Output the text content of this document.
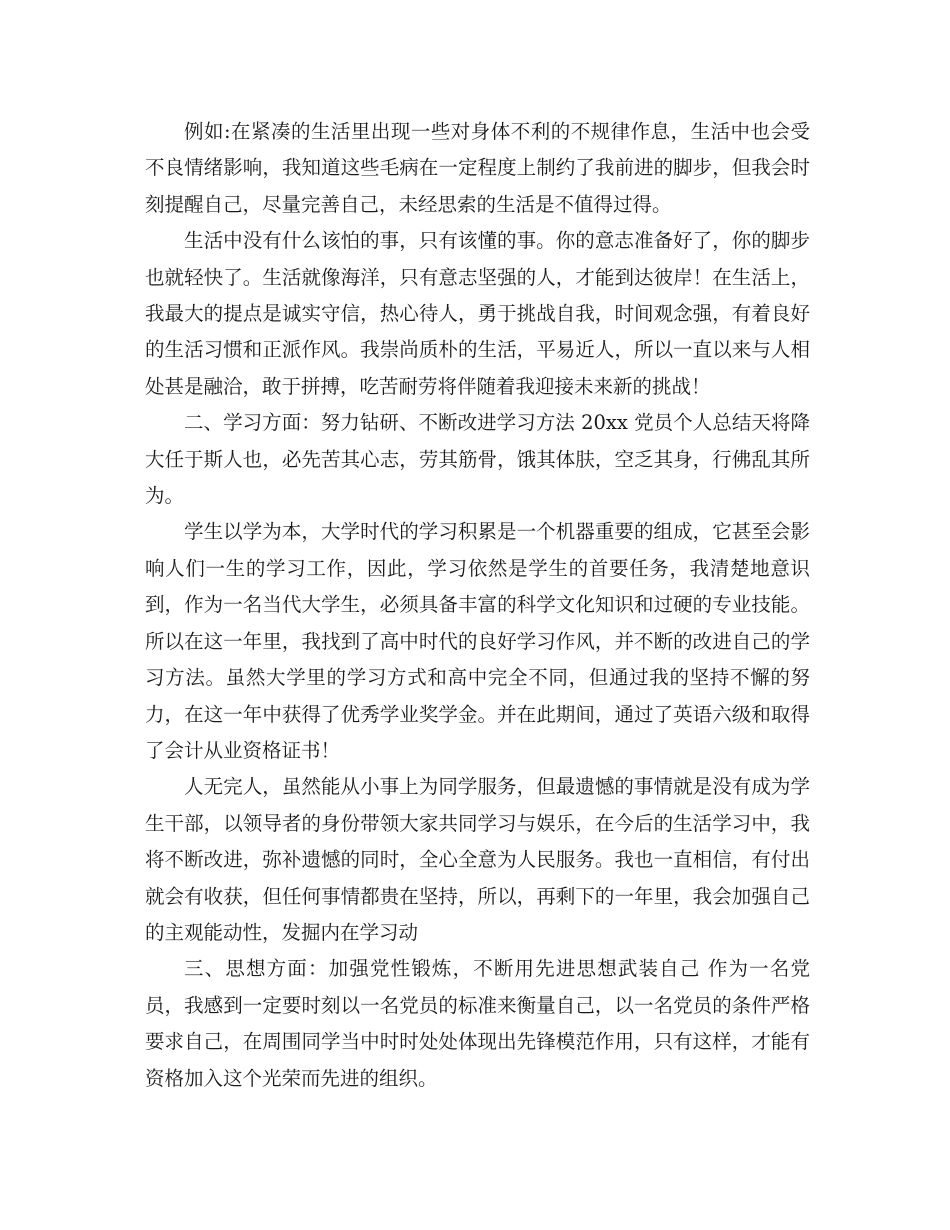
例如:在紧凑的生活里出现一些对身体不利的不规律作息，生活中也会受不良情绪影响，我知道这些毛病在一定程度上制约了我前进的脚步，但我会时刻提醒自己，尽量完善自己，未经思索的生活是不值得过得。

生活中没有什么该怕的事，只有该懂的事。你的意志准备好了，你的脚步也就轻快了。生活就像海洋，只有意志坚强的人，才能到达彼岸！在生活上，我最大的提点是诚实守信，热心待人，勇于挑战自我，时间观念强，有着良好的生活习惯和正派作风。我崇尚质朴的生活，平易近人，所以一直以来与人相处甚是融洽，敢于拼搏，吃苦耐劳将伴随着我迎接未来新的挑战！

二、学习方面：努力钻研、不断改进学习方法 20xx 党员个人总结天将降大任于斯人也，必先苦其心志，劳其筋骨，饿其体肤，空乏其身，行佛乱其所为。

学生以学为本，大学时代的学习积累是一个机器重要的组成，它甚至会影响人们一生的学习工作，因此，学习依然是学生的首要任务，我清楚地意识到，作为一名当代大学生，必须具备丰富的科学文化知识和过硬的专业技能。所以在这一年里，我找到了高中时代的良好学习作风，并不断的改进自己的学习方法。虽然大学里的学习方式和高中完全不同，但通过我的坚持不懈的努力，在这一年中获得了优秀学业奖学金。并在此期间，通过了英语六级和取得了会计从业资格证书！

人无完人，虽然能从小事上为同学服务，但最遗憾的事情就是没有成为学生干部，以领导者的身份带领大家共同学习与娱乐，在今后的生活学习中，我将不断改进，弥补遗憾的同时，全心全意为人民服务。我也一直相信，有付出就会有收获，但任何事情都贵在坚持，所以，再剩下的一年里，我会加强自己的主观能动性，发掘内在学习动

三、思想方面：加强党性锻炼，不断用先进思想武装自己 作为一名党员，我感到一定要时刻以一名党员的标准来衡量自己，以一名党员的条件严格要求自己，在周围同学当中时时处处体现出先锋模范作用，只有这样，才能有资格加入这个光荣而先进的组织。
